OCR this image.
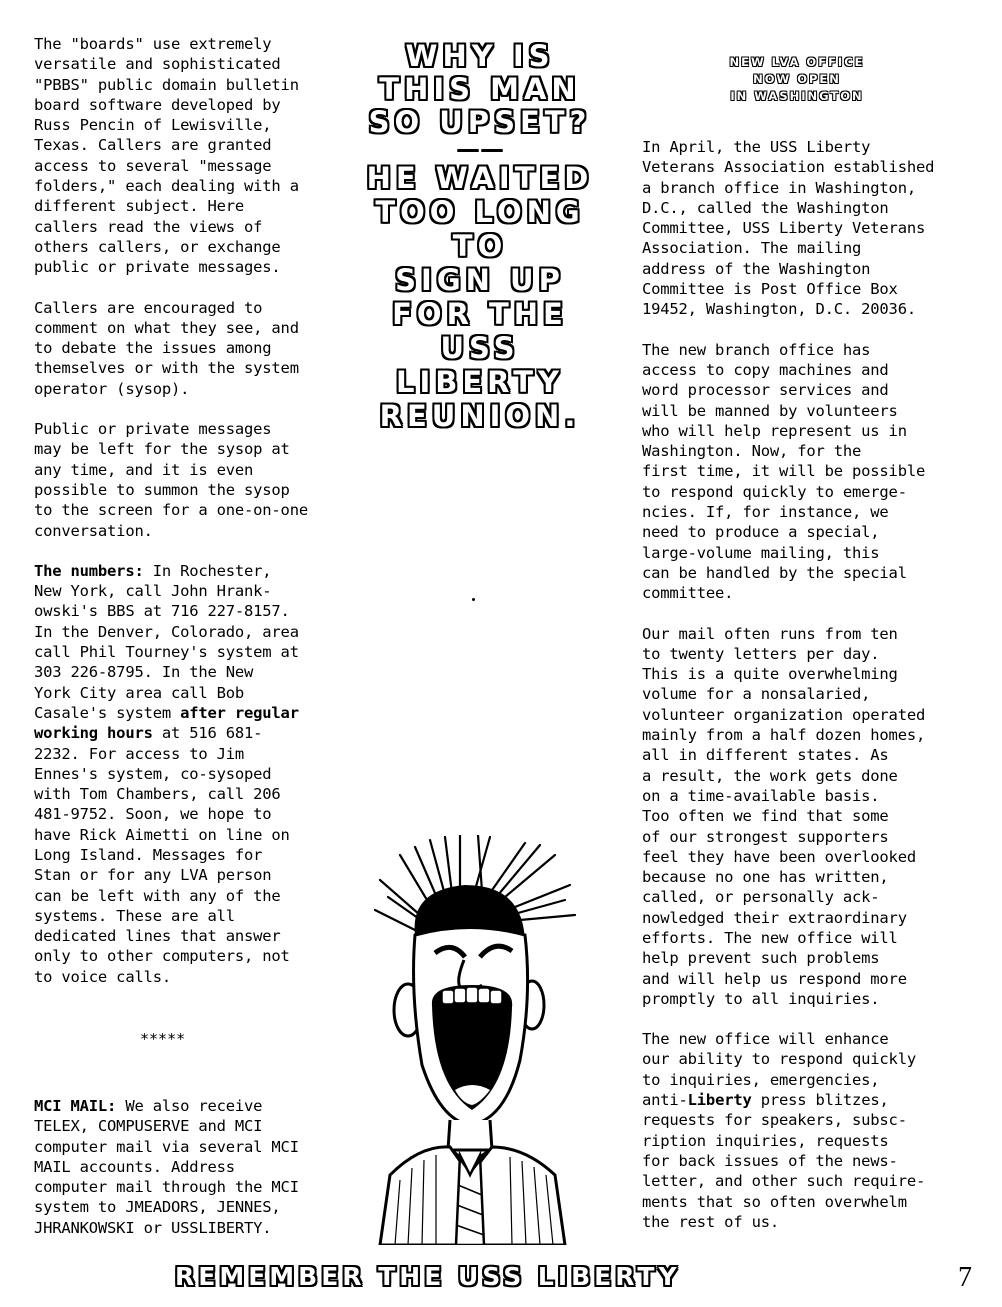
The "boards" use extremely
versatile and sophisticated
"PBBS" public domain bulletin
board software developed by
Russ Pencin of Lewisville,
Texas. Callers are granted
access to several "message
folders," each dealing with a
different subject. Here
callers read the views of
others callers, or exchange
public or private messages.

Callers are encouraged to
comment on what they see, and
to debate the issues among
themselves or with the system
operator (sysop).

Public or private messages
may be left for the sysop at
any time, and it is even
possible to summon the sysop
to the screen for a one-on-one
conversation.

The numbers: In Rochester,
New York, call John Hrank-
owski's BBS at 716 227-8157.
In the Denver, Colorado, area
call Phil Tourney's system at
303 226-8795. In the New
York City area call Bob
Casale's system after regular
working hours at 516 681-
2232. For access to Jim
Ennes's system, co-sysoped
with Tom Chambers, call 206
481-9752. Soon, we hope to
have Rick Aimetti on line on
Long Island. Messages for
Stan or for any LVA person
can be left with any of the
systems. These are all
dedicated lines that answer
only to other computers, not
to voice calls.

*****

MCI MAIL: We also receive
TELEX, COMPUSERVE and MCI
computer mail via several MCI
MAIL accounts. Address
computer mail through the MCI
system to JMEADORS, JENNES,
JHRANKOWSKI or USSLIBERTY.

WHY IS
THIS MAN
SO UPSET?
——
HE WAITED
TOO LONG
TO
SIGN UP
FOR THE
USS
LIBERTY
REUNION.
NEW LVA OFFICE
NOW OPEN
IN WASHINGTON

In April, the USS Liberty
Veterans Association established
a branch office in Washington,
D.C., called the Washington
Committee, USS Liberty Veterans
Association. The mailing
address of the Washington
Committee is Post Office Box
19452, Washington, D.C. 20036.

The new branch office has
access to copy machines and
word processor services and
will be manned by volunteers
who will help represent us in
Washington. Now, for the
first time, it will be possible
to respond quickly to emerge-
ncies. If, for instance, we
need to produce a special,
large-volume mailing, this
can be handled by the special
committee.

Our mail often runs from ten
to twenty letters per day.
This is a quite overwhelming
volume for a nonsalaried,
volunteer organization operated
mainly from a half dozen homes,
all in different states. As
a result, the work gets done
on a time-available basis.
Too often we find that some
of our strongest supporters
feel they have been overlooked
because no one has written,
called, or personally ack-
nowledged their extraordinary
efforts. The new office will
help prevent such problems
and will help us respond more
promptly to all inquiries.

The new office will enhance
our ability to respond quickly
to inquiries, emergencies,
anti-Liberty press blitzes,
requests for speakers, subsc-
ription inquiries, requests
for back issues of the news-
letter, and other such require-
ments that so often overwhelm
the rest of us.

REMEMBER THE USS LIBERTY	7
